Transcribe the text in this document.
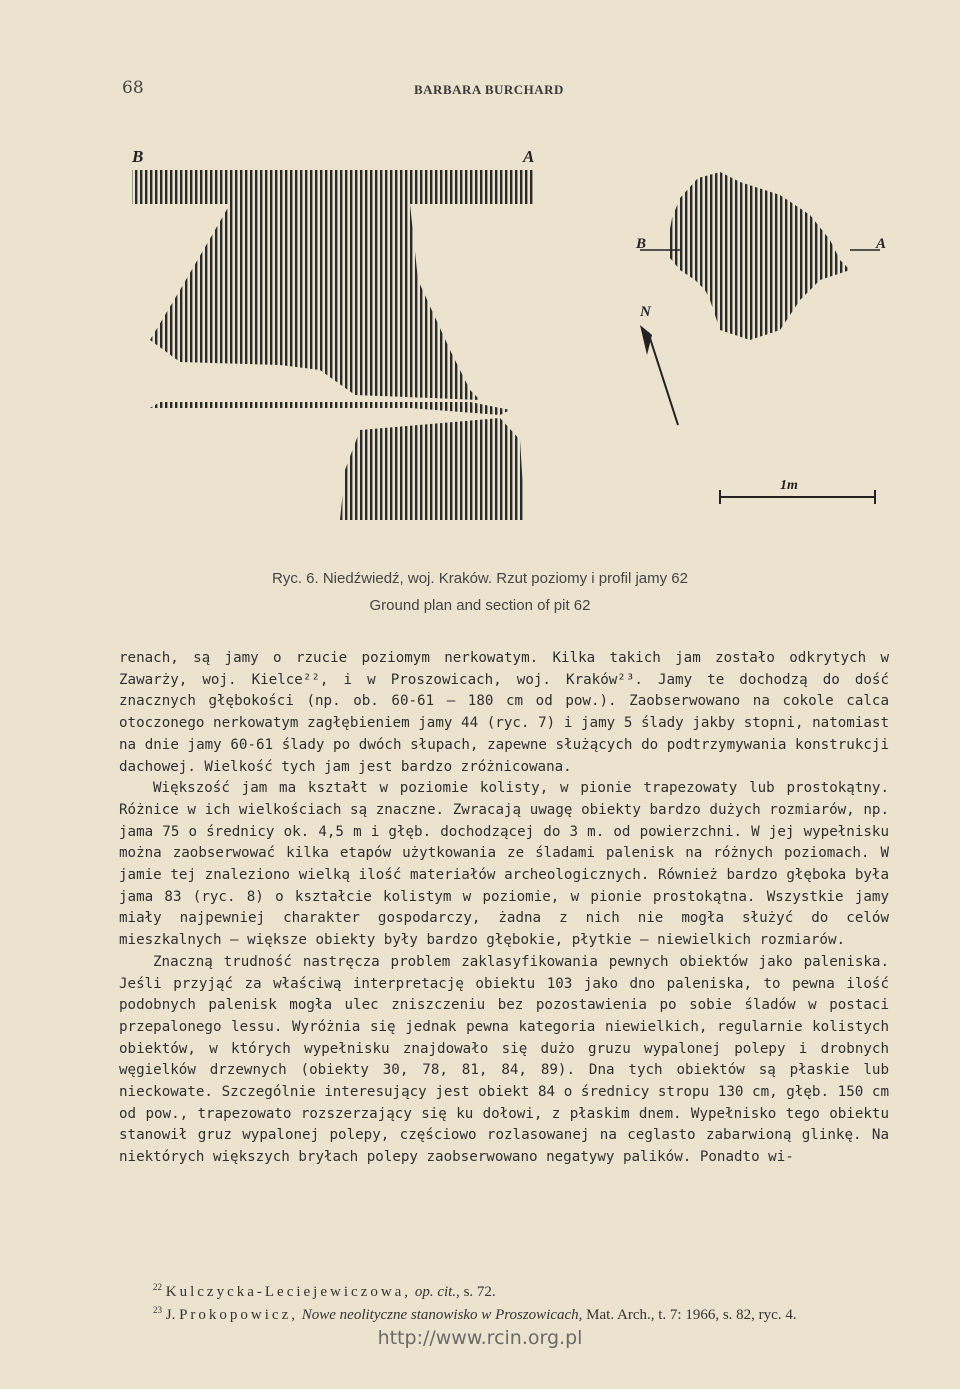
68	BARBARA BURCHARD
B	A
B	A
N
1m
Ryc. 6. Niedźwiedź, woj. Kraków. Rzut poziomy i profil jamy 62
Ground plan and section of pit 62

renach, są jamy o rzucie poziomym nerkowatym. Kilka takich jam zostało odkrytych w Zawarży, woj. Kielce²², i w Proszowicach, woj. Kraków²³. Jamy te dochodzą do dość znacznych głębokości (np. ob. 60-61 — 180 cm od pow.). Zaobserwowano na cokole calca otoczonego nerkowatym zagłębieniem jamy 44 (ryc. 7) i jamy 5 ślady jakby stopni, natomiast na dnie jamy 60-61 ślady po dwóch słupach, zapewne służących do podtrzymywania konstrukcji dachowej. Wielkość tych jam jest bardzo zróżnicowana.

Większość jam ma kształt w poziomie kolisty, w pionie trapezowaty lub prostokątny. Różnice w ich wielkościach są znaczne. Zwracają uwagę obiekty bardzo dużych rozmiarów, np. jama 75 o średnicy ok. 4,5 m i głęb. dochodzącej do 3 m. od powierzchni. W jej wypełnisku można zaobserwować kilka etapów użytkowania ze śladami palenisk na różnych poziomach. W jamie tej znaleziono wielką ilość materiałów archeologicznych. Również bardzo głęboka była jama 83 (ryc. 8) o kształcie kolistym w poziomie, w pionie prostokątna. Wszystkie jamy miały najpewniej charakter gospodarczy, żadna z nich nie mogła służyć do celów mieszkalnych — większe obiekty były bardzo głębokie, płytkie — niewielkich rozmiarów.

Znaczną trudność nastręcza problem zaklasyfikowania pewnych obiektów jako paleniska. Jeśli przyjąć za właściwą interpretację obiektu 103 jako dno paleniska, to pewna ilość podobnych palenisk mogła ulec zniszczeniu bez pozostawienia po sobie śladów w postaci przepalonego lessu. Wyróżnia się jednak pewna kategoria niewielkich, regularnie kolistych obiektów, w których wypełnisku znajdowało się dużo gruzu wypalonej polepy i drobnych węgielków drzewnych (obiekty 30, 78, 81, 84, 89). Dna tych obiektów są płaskie lub nieckowate. Szczególnie interesujący jest obiekt 84 o średnicy stropu 130 cm, głęb. 150 cm od pow., trapezowato rozszerzający się ku dołowi, z płaskim dnem. Wypełnisko tego obiektu stanowił gruz wypalonej polepy, częściowo rozlasowanej na ceglasto zabarwioną glinkę. Na niektórych większych bryłach polepy zaobserwowano negatywy palików. Ponadto wi-

$^{22}$ Kulczycka-Leciejewiczowa, op. cit., s. 72.

$^{23}$ J. Prokopowicz, Nowe neolityczne stanowisko w Proszowicach, Mat. Arch., t. 7: 1966, s. 82, ryc. 4.

http://www.rcin.org.pl
